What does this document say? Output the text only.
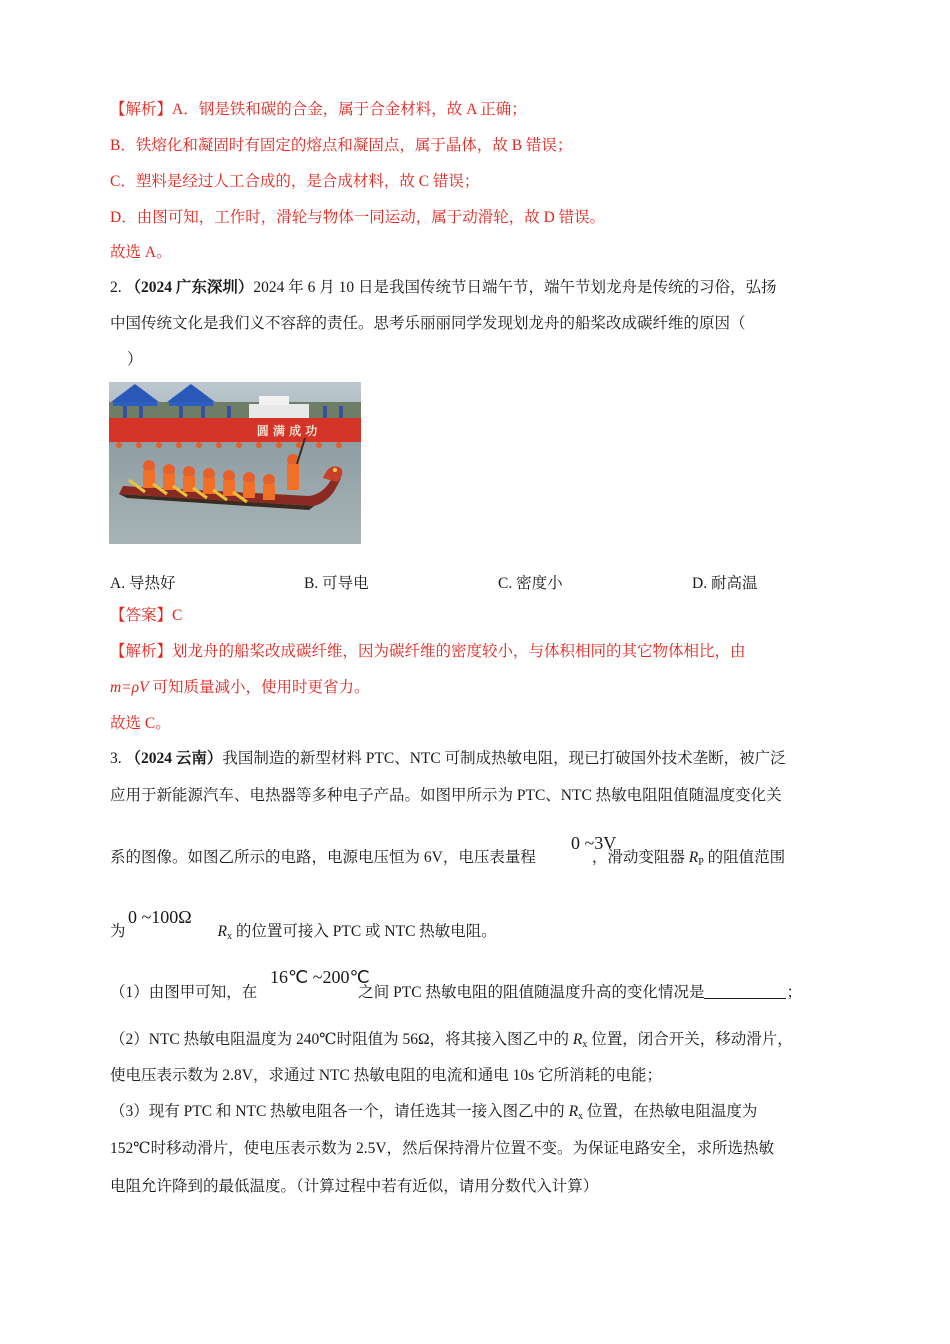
【解析】A．钢是铁和碳的合金，属于合金材料，故 A 正确；
B．铁熔化和凝固时有固定的熔点和凝固点，属于晶体，故 B 错误；
C．塑料是经过人工合成的，是合成材料，故 C 错误；
D．由图可知，工作时，滑轮与物体一同运动，属于动滑轮，故 D 错误。
故选 A。
2. （2024 广东深圳）2024 年 6 月 10 日是我国传统节日端午节，端午节划龙舟是传统的习俗，弘扬
中国传统文化是我们义不容辞的责任。思考乐丽丽同学发现划龙舟的船桨改成碳纤维的原因（
）
圆 满 成 功
A. 导热好	B. 可导电	C. 密度小	D. 耐高温
【答案】C
【解析】划龙舟的船桨改成碳纤维，因为碳纤维的密度较小，与体积相同的其它物体相比，由
m=ρV 可知质量减小，使用时更省力。
故选 C。
3. （2024 云南）我国制造的新型材料 PTC、NTC 可制成热敏电阻，现已打破国外技术垄断，被广泛
应用于新能源汽车、电热器等多种电子产品。如图甲所示为 PTC、NTC 热敏电阻阻值随温度变化关
0 ~3V
系的图像。如图乙所示的电路，电源电压恒为 6V，电压表量程	，滑动变阻器 $R_P$ 的阻值范围
0 ~100Ω
为	$R_x$ 的位置可接入 PTC 或 NTC 热敏电阻。
16℃ ~200℃
（1）由图甲可知，在	之间 PTC 热敏电阻的阻值随温度升高的变化情况是	；
（2）NTC 热敏电阻温度为 240℃时阻值为 56Ω，将其接入图乙中的 $R_x$ 位置，闭合开关，移动滑片，
使电压表示数为 2.8V，求通过 NTC 热敏电阻的电流和通电 10s 它所消耗的电能；
（3）现有 PTC 和 NTC 热敏电阻各一个，请任选其一接入图乙中的 $R_x$ 位置，在热敏电阻温度为
152℃时移动滑片，使电压表示数为 2.5V，然后保持滑片位置不变。为保证电路安全，求所选热敏
电阻允许降到的最低温度。（计算过程中若有近似，请用分数代入计算）
